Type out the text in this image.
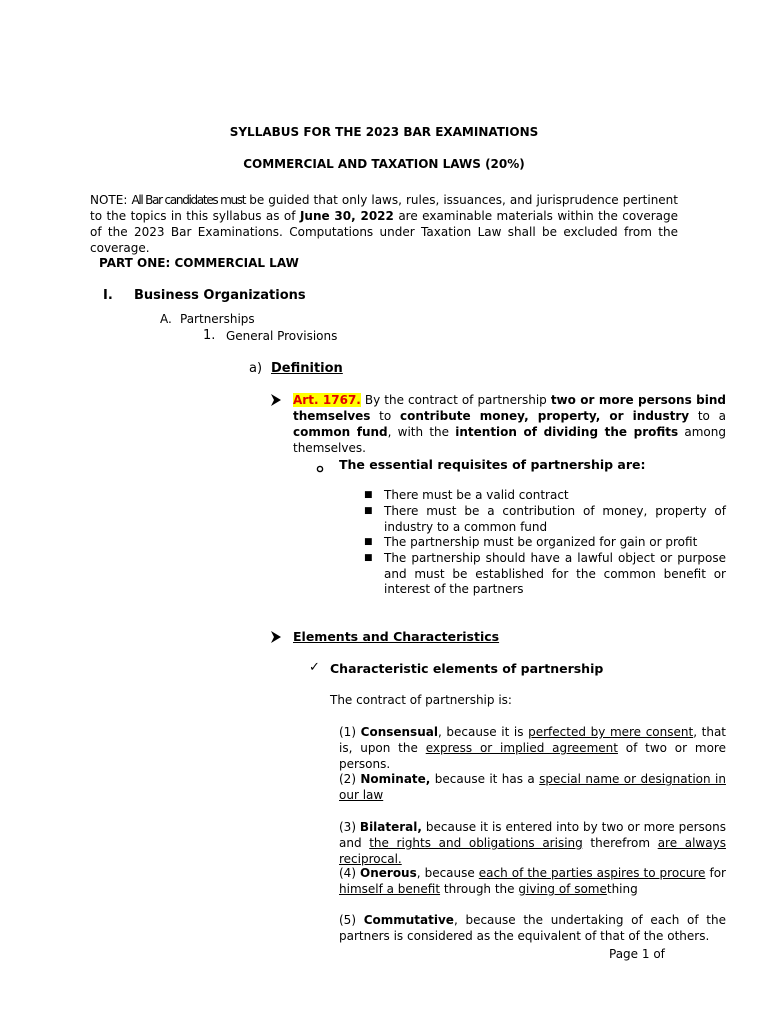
SYLLABUS FOR THE 2023 BAR EXAMINATIONS
COMMERCIAL AND TAXATION LAWS (20%)
NOTE: All Bar candidates must be guided that only laws, rules, issuances, and jurisprudence pertinent to the topics in this syllabus as of June 30, 2022 are examinable materials within the coverage of the 2023 Bar Examinations. Computations under Taxation Law shall be excluded from the coverage.
PART ONE: COMMERCIAL LAW
I. Business Organizations
A. Partnerships
1. General Provisions
a) Definition
Art. 1767. By the contract of partnership two or more persons bind themselves to contribute money, property, or industry to a common fund, with the intention of dividing the profits among themselves.
The essential requisites of partnership are:
■ There must be a valid contract
■ There must be a contribution of money, property of industry to a common fund
■ The partnership must be organized for gain or profit
■ The partnership should have a lawful object or purpose and must be established for the common benefit or interest of the partners
Elements and Characteristics
✓ Characteristic elements of partnership
The contract of partnership is:
(1) Consensual, because it is perfected by mere consent, that is, upon the express or implied agreement of two or more persons.
(2) Nominate, because it has a special name or designation in our law
(3) Bilateral, because it is entered into by two or more persons and the rights and obligations arising therefrom are always reciprocal.
(4) Onerous, because each of the parties aspires to procure for himself a benefit through the giving of something
(5) Commutative, because the undertaking of each of the partners is considered as the equivalent of that of the others.
Page 1 of
